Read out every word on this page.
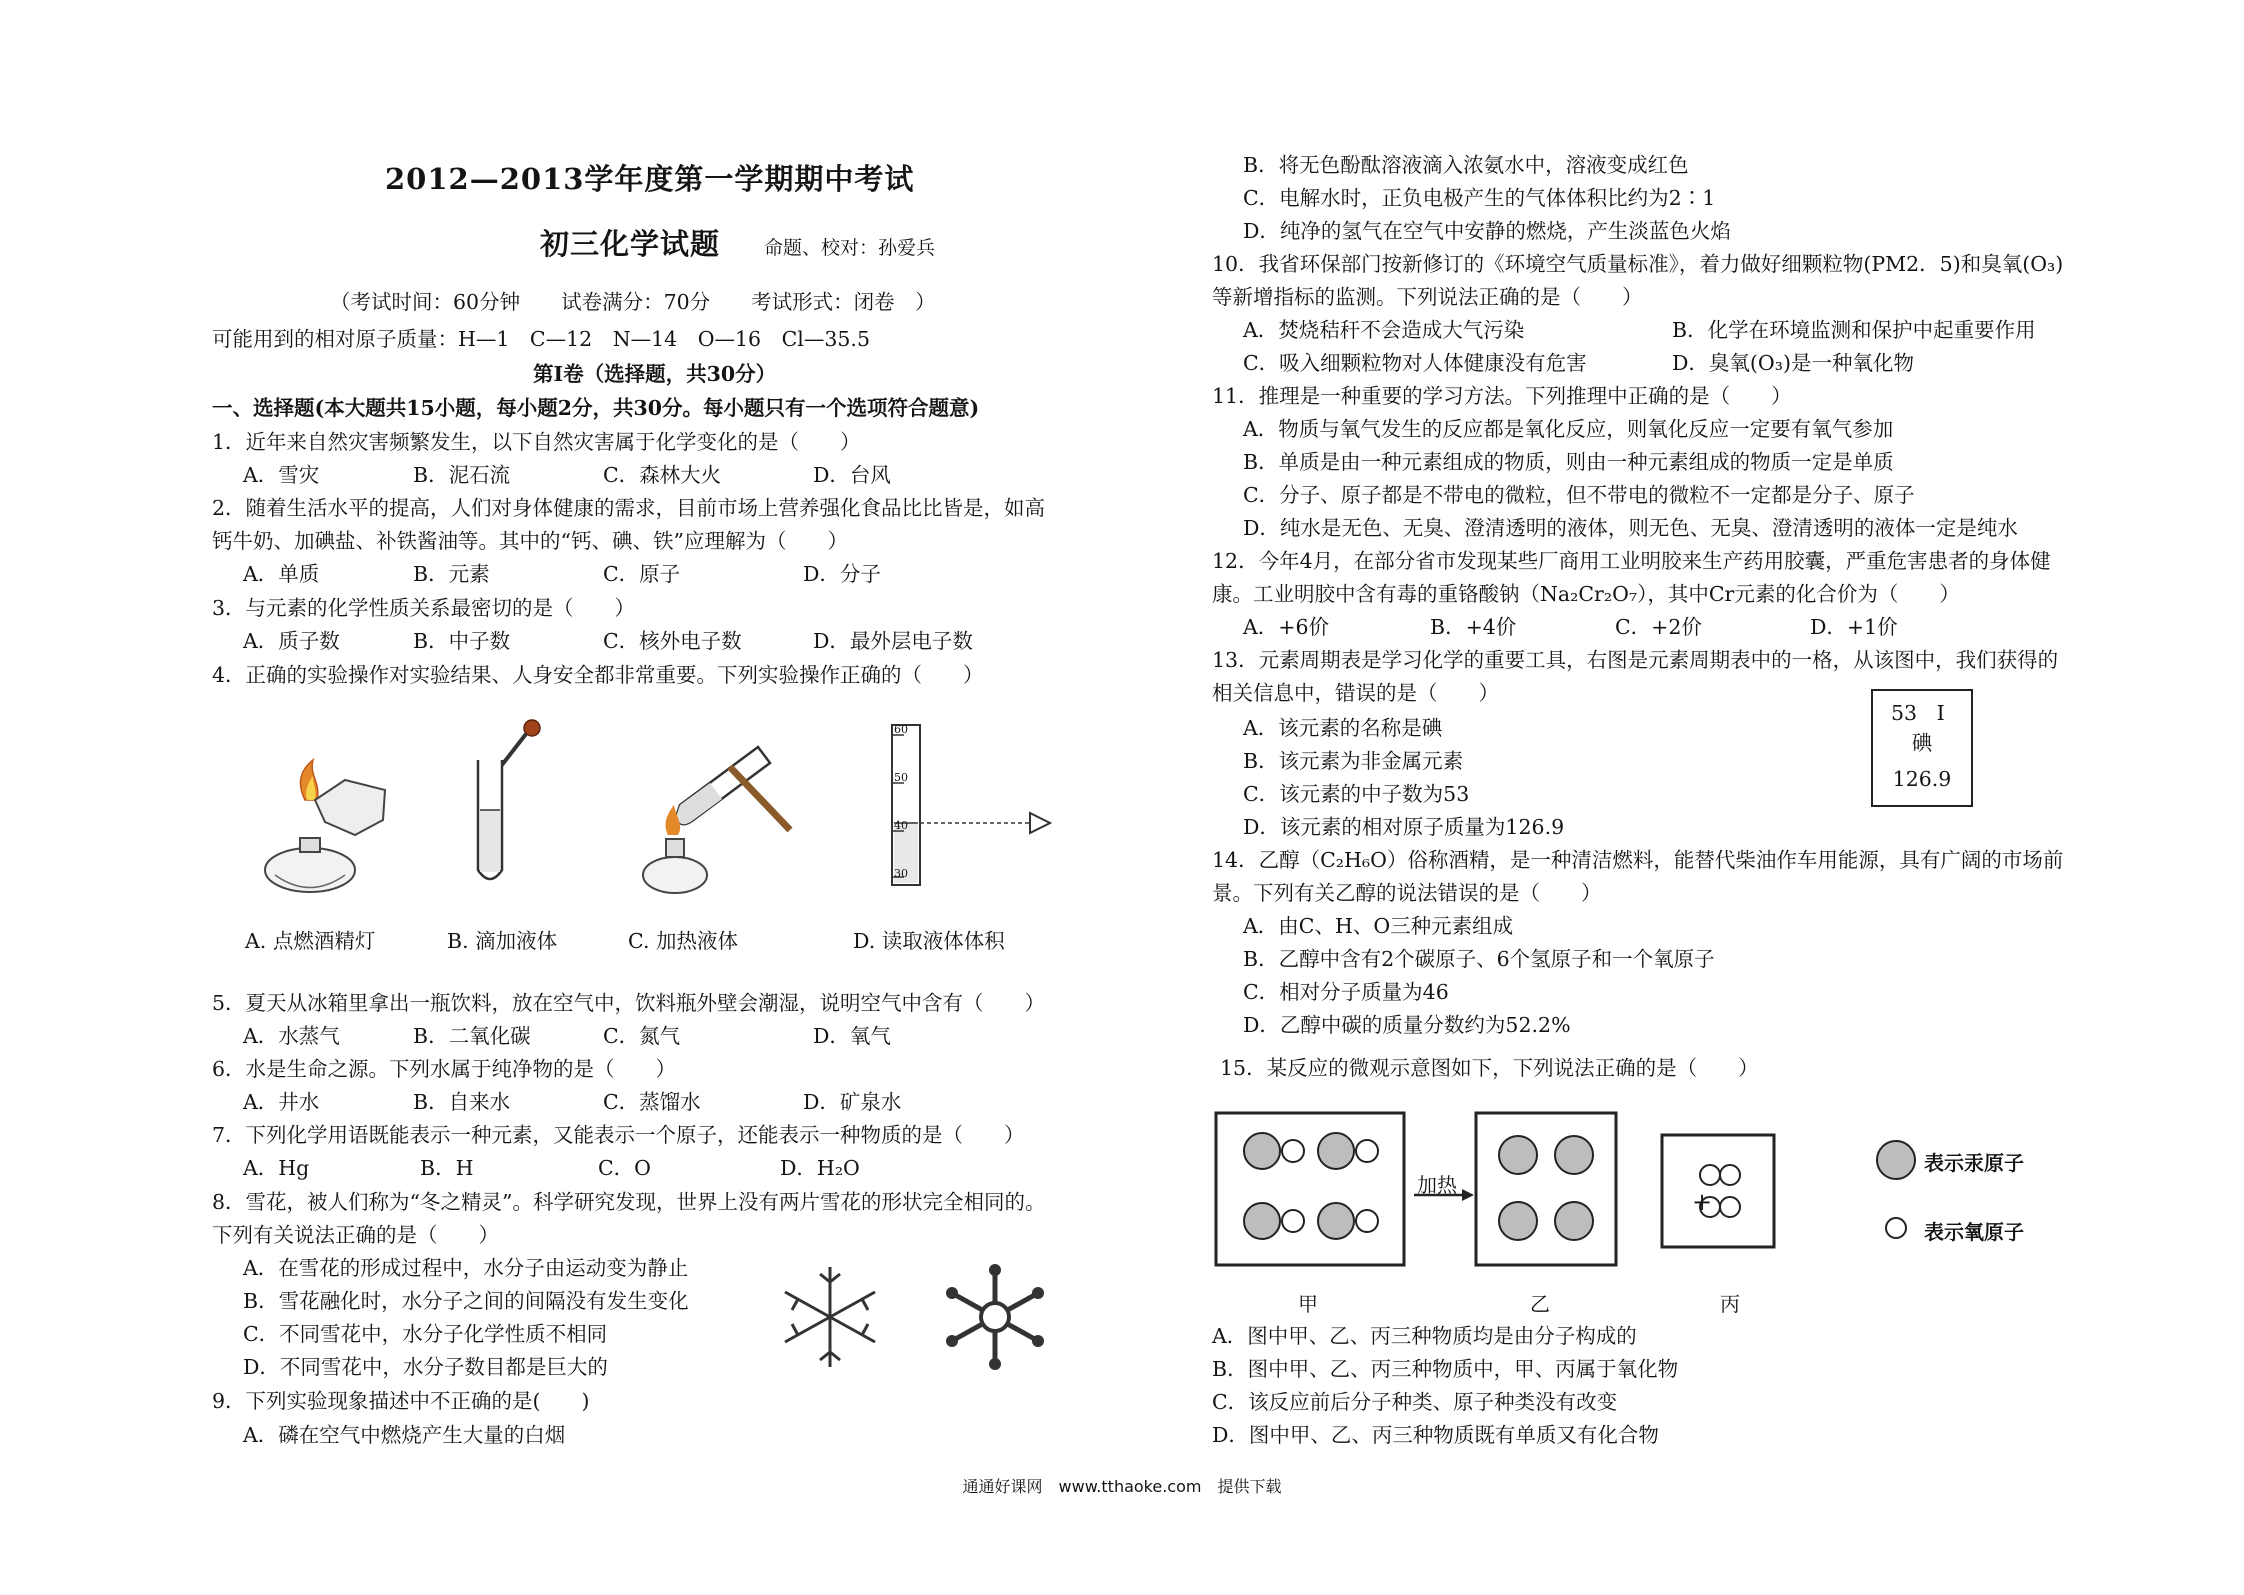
2012—2013学年度第一学期期中考试
初三化学试题 命题、校对：孙爱兵
（考试时间：60分钟　　试卷满分：70分　　考试形式：闭卷　）
可能用到的相对原子质量：H—1　C—12　N—14　O—16　Cl—35.5
第Ⅰ卷（选择题，共30分）
一、选择题(本大题共15小题，每小题2分，共30分。每小题只有一个选项符合题意)
1．近年来自然灾害频繁发生，以下自然灾害属于化学变化的是（　　）
A．雪灾	B．泥石流	C．森林大火	D．台风
2．随着生活水平的提高，人们对身体健康的需求，目前市场上营养强化食品比比皆是，如高
钙牛奶、加碘盐、补铁酱油等。其中的“钙、碘、铁”应理解为（　　）
A．单质	B．元素	C．原子	D．分子
3．与元素的化学性质关系最密切的是（　　）
A．质子数	B．中子数	C．核外电子数	D．最外层电子数
4．正确的实验操作对实验结果、人身安全都非常重要。下列实验操作正确的（　　）
60
50
40
30
A. 点燃酒精灯	B. 滴加液体	C. 加热液体	D. 读取液体体积
5．夏天从冰箱里拿出一瓶饮料，放在空气中，饮料瓶外壁会潮湿，说明空气中含有（　　）
A．水蒸气	B．二氧化碳	C．氮气	D．氧气
6．水是生命之源。下列水属于纯净物的是（　　）
A．井水	B．自来水	C．蒸馏水	D．矿泉水
7．下列化学用语既能表示一种元素，又能表示一个原子，还能表示一种物质的是（　　）
A．Hg	B．H	C．O	D．H₂O
8．雪花，被人们称为“冬之精灵”。科学研究发现，世界上没有两片雪花的形状完全相同的。
下列有关说法正确的是（　　）
A．在雪花的形成过程中，水分子由运动变为静止
B．雪花融化时，水分子之间的间隔没有发生变化
C．不同雪花中，水分子化学性质不相同
D．不同雪花中，水分子数目都是巨大的
9．下列实验现象描述中不正确的是(　　)
A．磷在空气中燃烧产生大量的白烟
B．将无色酚酞溶液滴入浓氨水中，溶液变成红色
C．电解水时，正负电极产生的气体体积比约为2∶1
D．纯净的氢气在空气中安静的燃烧，产生淡蓝色火焰
10．我省环保部门按新修订的《环境空气质量标准》，着力做好细颗粒物(PM2．5)和臭氧(O₃)
等新增指标的监测。下列说法正确的是（　　）
A．焚烧秸秆不会造成大气污染	B．化学在环境监测和保护中起重要作用
C．吸入细颗粒物对人体健康没有危害	D．臭氧(O₃)是一种氧化物
11．推理是一种重要的学习方法。下列推理中正确的是（　　）
A．物质与氧气发生的反应都是氧化反应，则氧化反应一定要有氧气参加
B．单质是由一种元素组成的物质，则由一种元素组成的物质一定是单质
C．分子、原子都是不带电的微粒，但不带电的微粒不一定都是分子、原子
D．纯水是无色、无臭、澄清透明的液体，则无色、无臭、澄清透明的液体一定是纯水
12．今年4月，在部分省市发现某些厂商用工业明胶来生产药用胶囊，严重危害患者的身体健
康。工业明胶中含有毒的重铬酸钠（Na₂Cr₂O₇），其中Cr元素的化合价为（　　）
A．+6价	B．+4价	C．+2价	D．+1价
13．元素周期表是学习化学的重要工具，右图是元素周期表中的一格，从该图中，我们获得的
相关信息中，错误的是（　　）
A．该元素的名称是碘
B．该元素为非金属元素
C．该元素的中子数为53
D．该元素的相对原子质量为126.9
53 I
碘
126.9
14．乙醇（C₂H₆O）俗称酒精，是一种清洁燃料，能替代柴油作车用能源，具有广阔的市场前
景。下列有关乙醇的说法错误的是（　　）
A．由C、H、O三种元素组成
B．乙醇中含有2个碳原子、6个氢原子和一个氧原子
C．相对分子质量为46
D．乙醇中碳的质量分数约为52.2%
15．某反应的微观示意图如下，下列说法正确的是（　　）
加热
+
甲	乙	丙
表示汞原子
表示氧原子
A．图中甲、乙、丙三种物质均是由分子构成的
B．图中甲、乙、丙三种物质中，甲、丙属于氧化物
C．该反应前后分子种类、原子种类没有改变
D．图中甲、乙、丙三种物质既有单质又有化合物
通通好课网　www.tthaoke.com　提供下载
